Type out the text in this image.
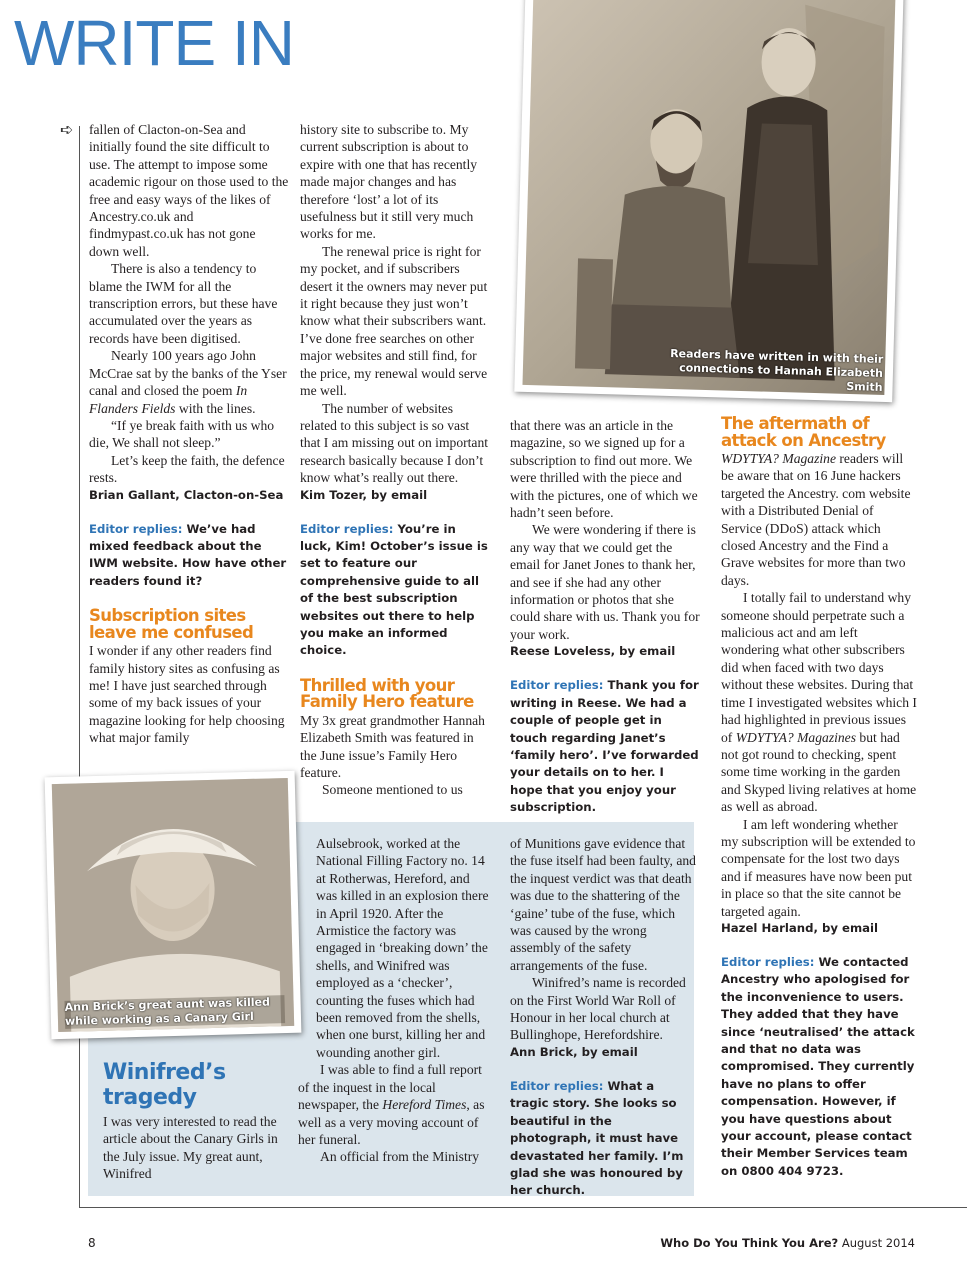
WRITE IN
➪ fallen of Clacton-on-Sea and initially found the site difficult to use. The attempt to impose some academic rigour on those used to the free and easy ways of the likes of Ancestry.co.uk and findmypast.co.uk has not gone down well.

There is also a tendency to blame the IWM for all the transcription errors, but these have accumulated over the years as records have been digitised.

Nearly 100 years ago John McCrae sat by the banks of the Yser canal and closed the poem In Flanders Fields with the lines.

“If ye break faith with us who die, We shall not sleep.”

Let’s keep the faith, the defence rests.

Brian Gallant, Clacton-on-Sea
Editor replies: We’ve had mixed feedback about the IWM website. How have other readers found it?
Subscription sites leave me confused

I wonder if any other readers find family history sites as confusing as me! I have just searched through some of my back issues of your magazine looking for help choosing what major family

history site to subscribe to. My current subscription is about to expire with one that has recently made major changes and has therefore ‘lost’ a lot of its usefulness but it still very much works for me.

The renewal price is right for my pocket, and if subscribers desert it the owners may never put it right because they just won’t know what their subscribers want. I’ve done free searches on other major websites and still find, for the price, my renewal would serve me well.

The number of websites related to this subject is so vast that I am missing out on important research basically because I don’t know what’s really out there.

Kim Tozer, by email
Editor replies: You’re in luck, Kim! October’s issue is set to feature our comprehensive guide to all of the best subscription websites out there to help you make an informed choice.
Thrilled with your Family Hero feature

My 3x great grandmother Hannah Elizabeth Smith was featured in the June issue’s Family Hero feature.

Someone mentioned to us

that there was an article in the magazine, so we signed up for a subscription to find out more. We were thrilled with the piece and with the pictures, one of which we hadn’t seen before.

We were wondering if there is any way that we could get the email for Janet Jones to thank her, and see if she had any other information or photos that she could share with us. Thank you for your work.

Reese Loveless, by email
Editor replies: Thank you for writing in Reese. We had a couple of people get in touch regarding Janet’s ‘family hero’. I’ve forwarded your details on to her. I hope that you enjoy your subscription.
The aftermath of attack on Ancestry

WDYTYA? Magazine readers will be aware that on 16 June hackers targeted the Ancestry. com website with a Distributed Denial of Service (DDoS) attack which closed Ancestry and the Find a Grave websites for more than two days.

I totally fail to understand why someone should perpetrate such a malicious act and am left wondering what other subscribers did when faced with two days without these websites. During that time I investigated websites which I had highlighted in previous issues of WDYTYA? Magazines but had not got round to checking, spent some time working in the garden and Skyped living relatives at home as well as abroad.

I am left wondering whether my subscription will be extended to compensate for the lost two days and if measures have now been put in place so that the site cannot be targeted again.

Hazel Harland, by email
Editor replies: We contacted Ancestry who apologised for the inconvenience to users. They added that they have since ‘neutralised’ the attack and that no data was compromised. They currently have no plans to offer compensation. However, if you have questions about your account, please contact their Member Services team on 0800 404 9723.
Readers have written in with their connections to Hannah Elizabeth Smith
Ann Brick’s great aunt was killed while working as a Canary Girl
Winifred’s tragedy

I was very interested to read the article about the Canary Girls in the July issue. My great aunt, Winifred

Aulsebrook, worked at the National Filling Factory no. 14 at Rotherwas, Hereford, and was killed in an explosion there in April 1920. After the Armistice the factory was engaged in ‘breaking down’ the shells, and Winifred was employed as a ‘checker’, counting the fuses which had been removed from the shells, when one burst, killing her and wounding another girl.

I was able to find a full report of the inquest in the local newspaper, the Hereford Times, as well as a very moving account of her funeral.

An official from the Ministry

of Munitions gave evidence that the fuse itself had been faulty, and the inquest verdict was that death was due to the shattering of the ‘gaine’ tube of the fuse, which was caused by the wrong assembly of the safety arrangements of the fuse.

Winifred’s name is recorded on the First World War Roll of Honour in her local church at Bullinghope, Herefordshire.

Ann Brick, by email
Editor replies: What a tragic story. She looks so beautiful in the photograph, it must have devastated her family. I’m glad she was honoured by her church.
8	Who Do You Think You Are? August 2014
